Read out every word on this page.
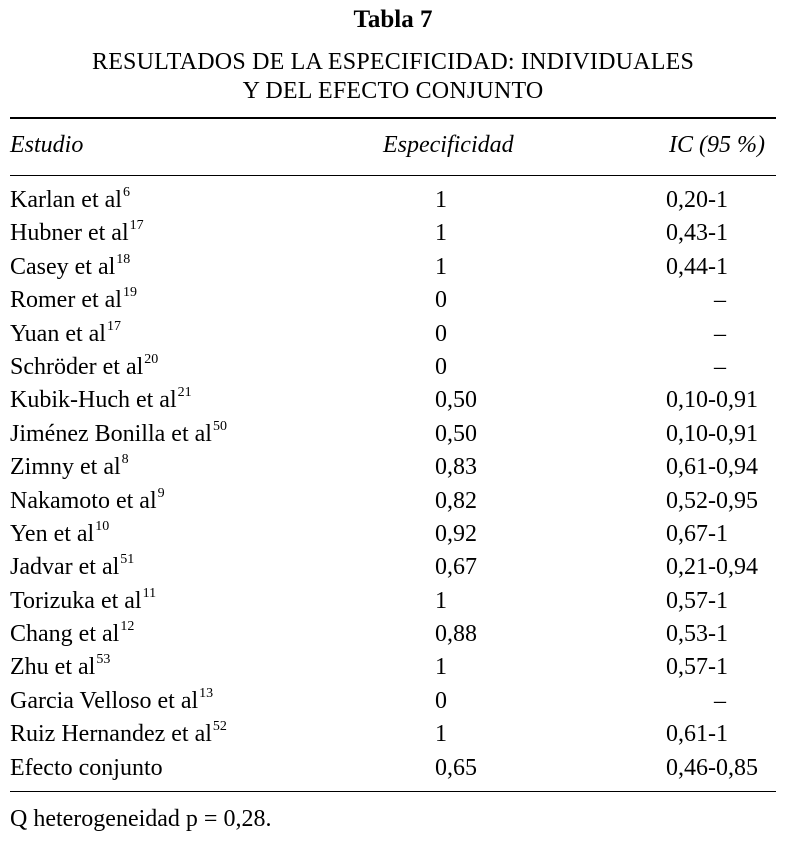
Tabla 7
RESULTADOS DE LA ESPECIFICIDAD: INDIVIDUALES
Y DEL EFECTO CONJUNTO
Estudio	Especificidad	IC (95 %)
Karlan et $al^6$	1	0,20-1
Hubner et $al^{17}$	1	0,43-1
Casey et $al^{18}$	1	0,44-1
Romer et $al^{19}$	0	–
Yuan et $al^{17}$	0	–
Schröder et $al^{20}$	0	–
Kubik-Huch et $al^{21}$	0,50	0,10-0,91
Jiménez Bonilla et $al^{50}$	0,50	0,10-0,91
Zimny et $al^8$	0,83	0,61-0,94
Nakamoto et $al^9$	0,82	0,52-0,95
Yen et $al^{10}$	0,92	0,67-1
Jadvar et $al^{51}$	0,67	0,21-0,94
Torizuka et $al^{11}$	1	0,57-1
Chang et $al^{12}$	0,88	0,53-1
Zhu et $al^{53}$	1	0,57-1
Garcia Velloso et $al^{13}$	0	–
Ruiz Hernandez et $al^{52}$	1	0,61-1
Efecto conjunto	0,65	0,46-0,85
Q heterogeneidad p = 0,28.
